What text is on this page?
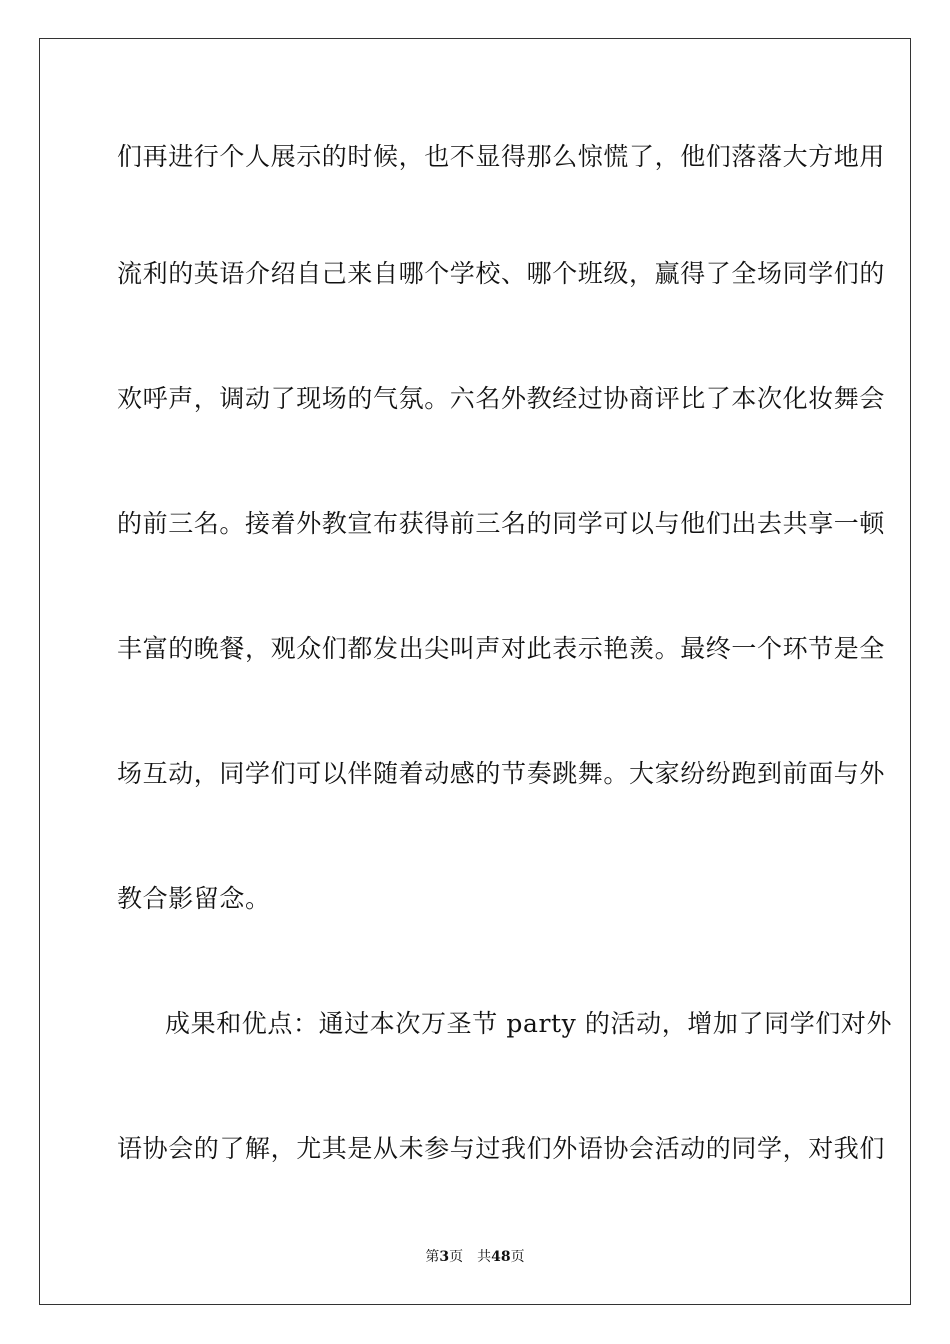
们再进行个人展示的时候，也不显得那么惊慌了，他们落落大方地用
流利的英语介绍自己来自哪个学校、哪个班级，赢得了全场同学们的
欢呼声，调动了现场的气氛。六名外教经过协商评比了本次化妆舞会
的前三名。接着外教宣布获得前三名的同学可以与他们出去共享一顿
丰富的晚餐，观众们都发出尖叫声对此表示艳羡。最终一个环节是全
场互动，同学们可以伴随着动感的节奏跳舞。大家纷纷跑到前面与外
教合影留念。
成果和优点：通过本次万圣节 party 的活动，增加了同学们对外
语协会的了解，尤其是从未参与过我们外语协会活动的同学，对我们
第3页 共48页
